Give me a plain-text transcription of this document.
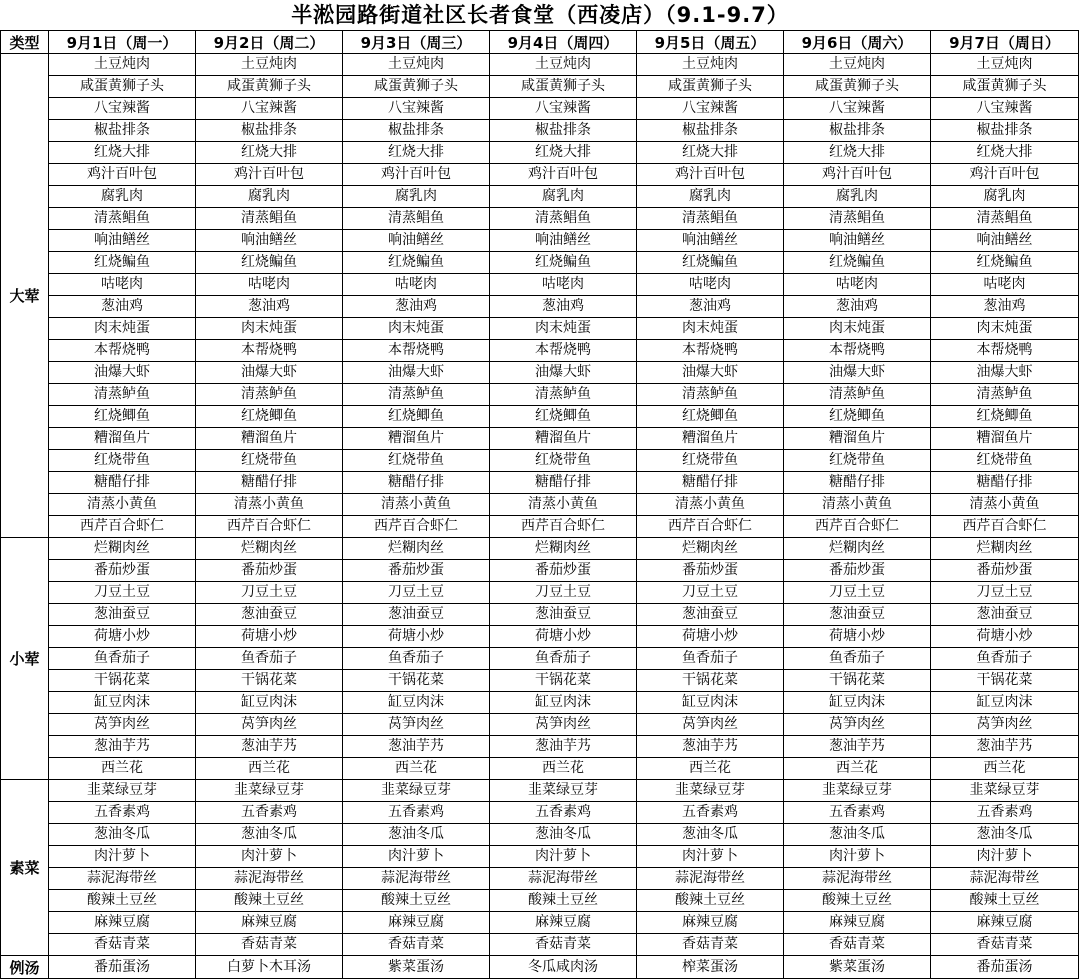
半淞园路街道社区长者食堂（西凌店）（9.1-9.7）
类型	9月1日（周一）	9月2日（周二）	9月3日（周三）	9月4日（周四）	9月5日（周五）	9月6日（周六）	9月7日（周日）
大荤	土豆炖肉	土豆炖肉	土豆炖肉	土豆炖肉	土豆炖肉	土豆炖肉	土豆炖肉
	咸蛋黄狮子头	咸蛋黄狮子头	咸蛋黄狮子头	咸蛋黄狮子头	咸蛋黄狮子头	咸蛋黄狮子头	咸蛋黄狮子头
	八宝辣酱	八宝辣酱	八宝辣酱	八宝辣酱	八宝辣酱	八宝辣酱	八宝辣酱
	椒盐排条	椒盐排条	椒盐排条	椒盐排条	椒盐排条	椒盐排条	椒盐排条
	红烧大排	红烧大排	红烧大排	红烧大排	红烧大排	红烧大排	红烧大排
	鸡汁百叶包	鸡汁百叶包	鸡汁百叶包	鸡汁百叶包	鸡汁百叶包	鸡汁百叶包	鸡汁百叶包
	腐乳肉	腐乳肉	腐乳肉	腐乳肉	腐乳肉	腐乳肉	腐乳肉
	清蒸鲳鱼	清蒸鲳鱼	清蒸鲳鱼	清蒸鲳鱼	清蒸鲳鱼	清蒸鲳鱼	清蒸鲳鱼
	响油鳝丝	响油鳝丝	响油鳝丝	响油鳝丝	响油鳝丝	响油鳝丝	响油鳝丝
	红烧鳊鱼	红烧鳊鱼	红烧鳊鱼	红烧鳊鱼	红烧鳊鱼	红烧鳊鱼	红烧鳊鱼
	咕咾肉	咕咾肉	咕咾肉	咕咾肉	咕咾肉	咕咾肉	咕咾肉
	葱油鸡	葱油鸡	葱油鸡	葱油鸡	葱油鸡	葱油鸡	葱油鸡
	肉末炖蛋	肉末炖蛋	肉末炖蛋	肉末炖蛋	肉末炖蛋	肉末炖蛋	肉末炖蛋
	本帮烧鸭	本帮烧鸭	本帮烧鸭	本帮烧鸭	本帮烧鸭	本帮烧鸭	本帮烧鸭
	油爆大虾	油爆大虾	油爆大虾	油爆大虾	油爆大虾	油爆大虾	油爆大虾
	清蒸鲈鱼	清蒸鲈鱼	清蒸鲈鱼	清蒸鲈鱼	清蒸鲈鱼	清蒸鲈鱼	清蒸鲈鱼
	红烧鲫鱼	红烧鲫鱼	红烧鲫鱼	红烧鲫鱼	红烧鲫鱼	红烧鲫鱼	红烧鲫鱼
	糟溜鱼片	糟溜鱼片	糟溜鱼片	糟溜鱼片	糟溜鱼片	糟溜鱼片	糟溜鱼片
	红烧带鱼	红烧带鱼	红烧带鱼	红烧带鱼	红烧带鱼	红烧带鱼	红烧带鱼
	糖醋仔排	糖醋仔排	糖醋仔排	糖醋仔排	糖醋仔排	糖醋仔排	糖醋仔排
	清蒸小黄鱼	清蒸小黄鱼	清蒸小黄鱼	清蒸小黄鱼	清蒸小黄鱼	清蒸小黄鱼	清蒸小黄鱼
	西芹百合虾仁	西芹百合虾仁	西芹百合虾仁	西芹百合虾仁	西芹百合虾仁	西芹百合虾仁	西芹百合虾仁
小荤	烂糊肉丝	烂糊肉丝	烂糊肉丝	烂糊肉丝	烂糊肉丝	烂糊肉丝	烂糊肉丝
	番茄炒蛋	番茄炒蛋	番茄炒蛋	番茄炒蛋	番茄炒蛋	番茄炒蛋	番茄炒蛋
	刀豆土豆	刀豆土豆	刀豆土豆	刀豆土豆	刀豆土豆	刀豆土豆	刀豆土豆
	葱油蚕豆	葱油蚕豆	葱油蚕豆	葱油蚕豆	葱油蚕豆	葱油蚕豆	葱油蚕豆
	荷塘小炒	荷塘小炒	荷塘小炒	荷塘小炒	荷塘小炒	荷塘小炒	荷塘小炒
	鱼香茄子	鱼香茄子	鱼香茄子	鱼香茄子	鱼香茄子	鱼香茄子	鱼香茄子
	干锅花菜	干锅花菜	干锅花菜	干锅花菜	干锅花菜	干锅花菜	干锅花菜
	缸豆肉沫	缸豆肉沫	缸豆肉沫	缸豆肉沫	缸豆肉沫	缸豆肉沫	缸豆肉沫
	莴笋肉丝	莴笋肉丝	莴笋肉丝	莴笋肉丝	莴笋肉丝	莴笋肉丝	莴笋肉丝
	葱油芋艿	葱油芋艿	葱油芋艿	葱油芋艿	葱油芋艿	葱油芋艿	葱油芋艿
	西兰花	西兰花	西兰花	西兰花	西兰花	西兰花	西兰花
素菜	韭菜绿豆芽	韭菜绿豆芽	韭菜绿豆芽	韭菜绿豆芽	韭菜绿豆芽	韭菜绿豆芽	韭菜绿豆芽
	五香素鸡	五香素鸡	五香素鸡	五香素鸡	五香素鸡	五香素鸡	五香素鸡
	葱油冬瓜	葱油冬瓜	葱油冬瓜	葱油冬瓜	葱油冬瓜	葱油冬瓜	葱油冬瓜
	肉汁萝卜	肉汁萝卜	肉汁萝卜	肉汁萝卜	肉汁萝卜	肉汁萝卜	肉汁萝卜
	蒜泥海带丝	蒜泥海带丝	蒜泥海带丝	蒜泥海带丝	蒜泥海带丝	蒜泥海带丝	蒜泥海带丝
	酸辣土豆丝	酸辣土豆丝	酸辣土豆丝	酸辣土豆丝	酸辣土豆丝	酸辣土豆丝	酸辣土豆丝
	麻辣豆腐	麻辣豆腐	麻辣豆腐	麻辣豆腐	麻辣豆腐	麻辣豆腐	麻辣豆腐
	香菇青菜	香菇青菜	香菇青菜	香菇青菜	香菇青菜	香菇青菜	香菇青菜
例汤	番茄蛋汤	白萝卜木耳汤	紫菜蛋汤	冬瓜咸肉汤	榨菜蛋汤	紫菜蛋汤	番茄蛋汤
